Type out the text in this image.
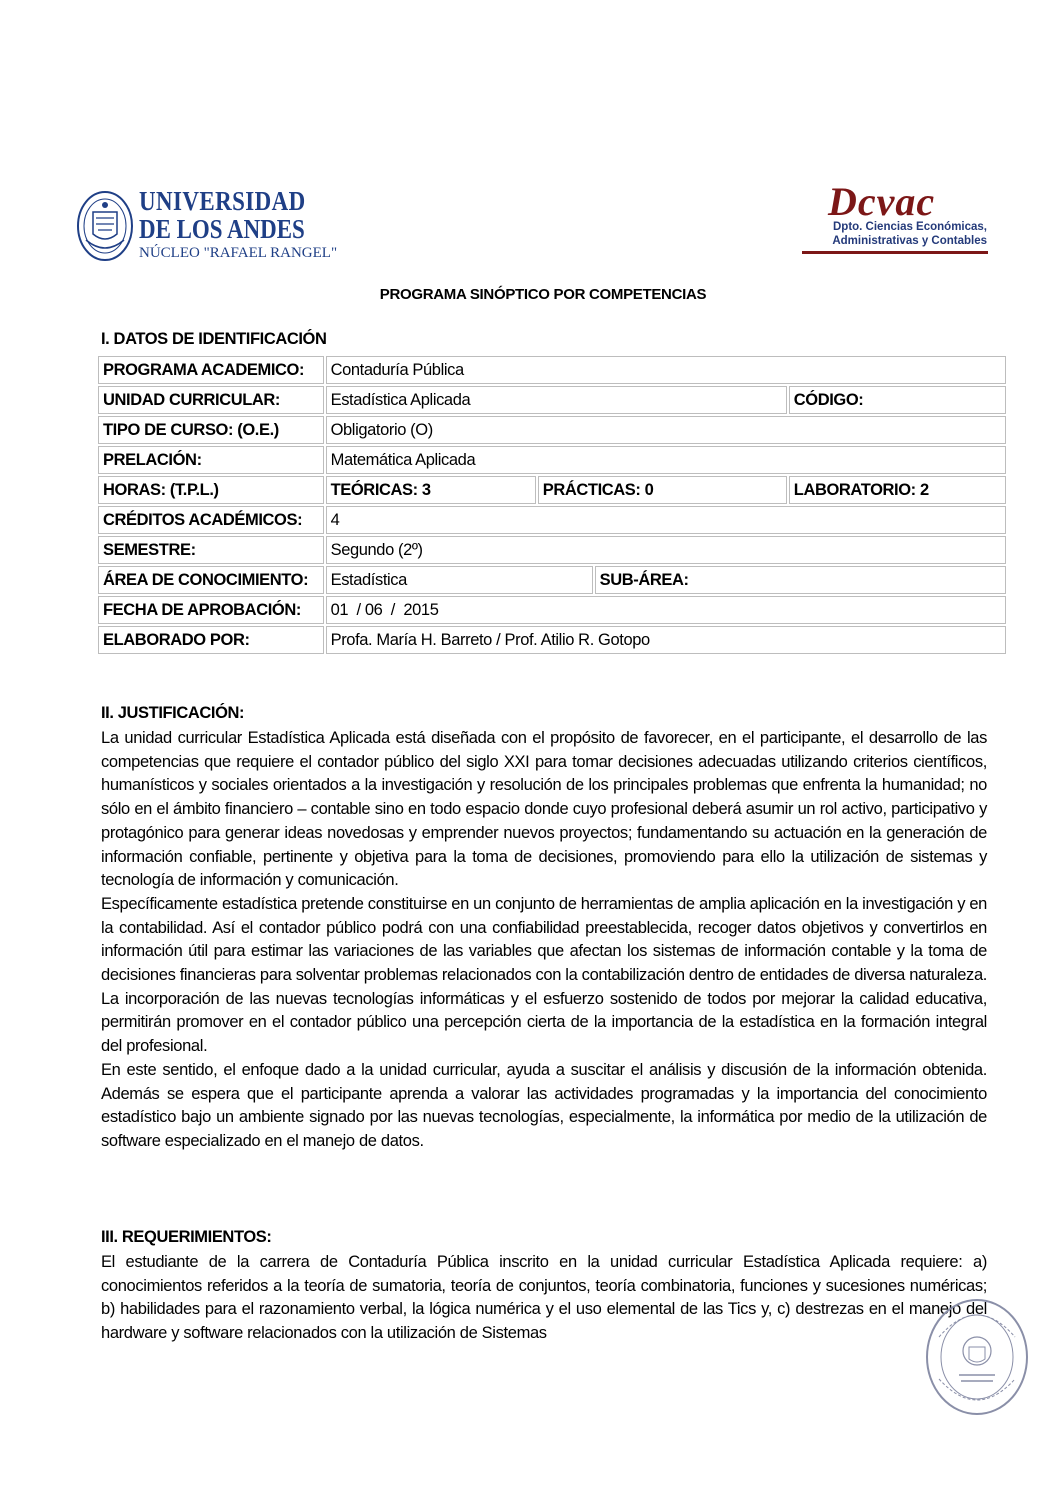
UNIVERSIDAD
DE LOS ANDES
NÚCLEO "RAFAEL RANGEL"
Dcvac
Dpto. Ciencias Económicas,
Administrativas y Contables
PROGRAMA SINÓPTICO POR COMPETENCIAS
I. DATOS DE IDENTIFICACIÓN
PROGRAMA ACADEMICO:	Contaduría Pública			
UNIDAD CURRICULAR:	Estadística Aplicada			CÓDIGO:
TIPO DE CURSO: (O.E.)	Obligatorio (O)			
PRELACIÓN:	Matemática Aplicada			
HORAS: (T.P.L.)	TEÓRICAS: 3	PRÁCTICAS: 0		LABORATORIO: 2
CRÉDITOS ACADÉMICOS:	4			
SEMESTRE:	Segundo (2º)			
ÁREA DE CONOCIMIENTO:	Estadística		SUB-ÁREA:	
FECHA DE APROBACIÓN:	01  / 06  /  2015			
ELABORADO POR:	Profa. María H. Barreto / Prof. Atilio R. Gotopo			
II. JUSTIFICACIÓN:

La unidad curricular Estadística Aplicada está diseñada con el propósito de favorecer, en el participante, el desarrollo de las competencias que requiere el contador público del siglo XXI para tomar decisiones adecuadas utilizando criterios científicos, humanísticos y sociales orientados a la investigación y resolución de los principales problemas que enfrenta la humanidad; no sólo en el ámbito financiero – contable sino en todo espacio donde cuyo profesional deberá asumir un rol activo, participativo y protagónico para generar ideas novedosas y emprender nuevos proyectos; fundamentando su actuación en la generación de información confiable, pertinente y objetiva para la toma de decisiones, promoviendo para ello la utilización de sistemas y tecnología de información y comunicación.

Específicamente estadística pretende constituirse en un conjunto de herramientas de amplia aplicación en la investigación y en la contabilidad. Así el contador público podrá con una confiabilidad preestablecida, recoger datos objetivos y convertirlos en información útil para estimar las variaciones de las variables que afectan los sistemas de información contable y la toma de decisiones financieras para solventar problemas relacionados con la contabilización dentro de entidades de diversa naturaleza. La incorporación de las nuevas tecnologías informáticas y el esfuerzo sostenido de todos por mejorar la calidad educativa, permitirán promover en el contador público una percepción cierta de la importancia de la estadística en la formación integral del profesional.

En este sentido, el enfoque dado a la unidad curricular, ayuda a suscitar el análisis y discusión de la información obtenida. Además se espera que el participante aprenda a valorar las actividades programadas y la importancia del conocimiento estadístico bajo un ambiente signado por las nuevas tecnologías, especialmente, la informática por medio de la utilización de software especializado en el manejo de datos.

III. REQUERIMIENTOS:

El estudiante de la carrera de Contaduría Pública inscrito en la unidad curricular Estadística Aplicada requiere: a) conocimientos referidos a la teoría de sumatoria, teoría de conjuntos, teoría combinatoria, funciones y sucesiones numéricas; b) habilidades para el razonamiento verbal, la lógica numérica y el uso elemental de las Tics y, c) destrezas en el manejo del hardware y software relacionados con la utilización de Sistemas
